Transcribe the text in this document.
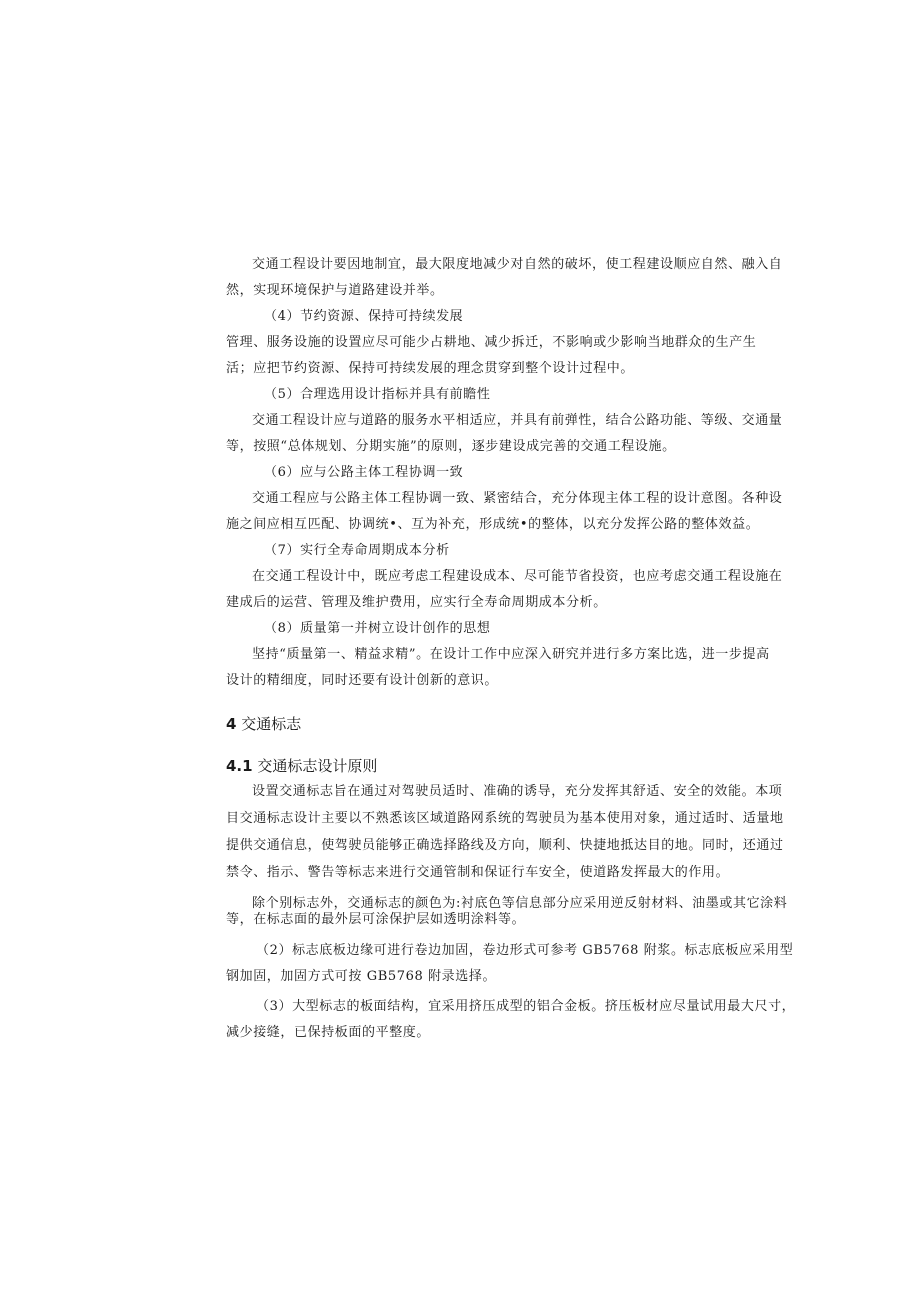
交通工程设计要因地制宜，最大限度地减少对自然的破坏，使工程建设顺应自然、融入自

然，实现环境保护与道路建设并举。

（4）节约资源、保持可持续发展

管理、服务设施的设置应尽可能少占耕地、减少拆迁，不影响或少影响当地群众的生产生

活；应把节约资源、保持可持续发展的理念贯穿到整个设计过程中。

（5）合理选用设计指标并具有前瞻性

交通工程设计应与道路的服务水平相适应，并具有前弹性，结合公路功能、等级、交通量

等，按照“总体规划、分期实施”的原则，逐步建设成完善的交通工程设施。

（6）应与公路主体工程协调一致

交通工程应与公路主体工程协调一致、紧密结合，充分体现主体工程的设计意图。各种设

施之间应相互匹配、协调统•、互为补充，形成统•的整体，以充分发挥公路的整体效益。

（7）实行全寿命周期成本分析

在交通工程设计中，既应考虑工程建设成本、尽可能节省投资，也应考虑交通工程设施在

建成后的运营、管理及维护费用，应实行全寿命周期成本分析。

（8）质量第一并树立设计创作的思想

坚持“质量第一、精益求精”。在设计工作中应深入研究并进行多方案比选，进一步提高

设计的精细度，同时还要有设计创新的意识。

4 交通标志
4.1 交通标志设计原则

设置交通标志旨在通过对驾驶员适时、准确的诱导，充分发挥其舒适、安全的效能。本项

目交通标志设计主要以不熟悉该区域道路网系统的驾驶员为基本使用对象，通过适时、适量地

提供交通信息，使驾驶员能够正确选择路线及方向，顺利、快捷地抵达目的地。同时，还通过

禁令、指示、警告等标志来进行交通管制和保证行车安全，使道路发挥最大的作用。

除个别标志外，交通标志的颜色为:衬底色等信息部分应采用逆反射材料、油墨或其它涂料

等，在标志面的最外层可涂保护层如透明涂料等。

（2）标志底板边缘可进行卷边加固，卷边形式可参考 GB5768 附浆。标志底板应采用型

钢加固，加固方式可按 GB5768 附录选择。

（3）大型标志的板面结构，宜采用挤压成型的铝合金板。挤压板材应尽量试用最大尺寸，

减少接缝，已保持板面的平整度。
